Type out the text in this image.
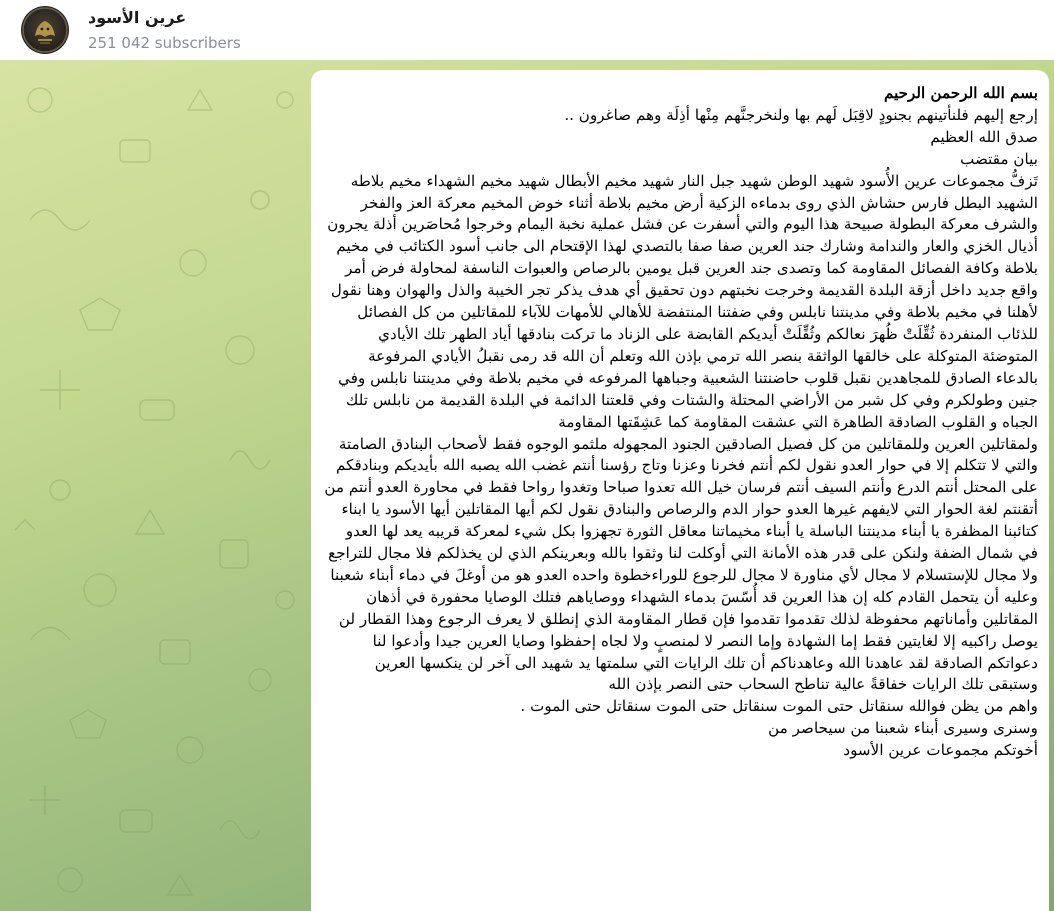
عرين الأسود
251 042 subscribers

بسم الله الرحمن الرحيم

إرجع إليهم فلنأتينهم بجنودٍ لاقِبَل لَهم بها ولنخرجنَّهم مِنْها أذِلَة وهم صاغرون ..

صدق الله العظيم

بيان مقتضب

تَزفُّ مجموعات عرين الأُسود شهيد الوطن شهيد جبل النار شهيد مخيم الأبطال شهيد مخيم الشهداء مخيم بلاطه الشهيد البطل فارس حشاش الذي روى بدماءه الزكية أرض مخيم بلاطة أثناء خوض المخيم معركة العز والفخر والشرف معركة البطولة صبيحة هذا اليوم والتي أسفرت عن فشل عملية نخبة اليمام وخرجوا مُحاصَرين أذلة يجرون أذيال الخزي والعار والندامة وشارك جند العرين صفا صفا بالتصدي لهذا الإقتحام الى جانب أسود الكتائب في مخيم بلاطة وكافة الفصائل المقاومة كما وتصدى جند العرين قبل يومين بالرصاص والعبوات الناسفة لمحاولة فرض أمر واقع جديد داخل أزقة البلدة القديمة وخرجت نخبتهم دون تحقيق أي هدف يذكر تجر الخيبة والذل والهوان وهنا نقول لأهلنا في مخيم بلاطة وفي مدينتنا نابلس وفي ضفتنا المنتفضة للأهالي للأمهات للآباء للمقاتلين من كل الفصائل للذئاب المنفردة ثُقِّلَتْ ظُهرَ نعالكم وثُقِّلَتْ أيديكم القابضة على الزناد ما تركت بنادقها أياد الطهر تلك الأيادي المتوضئة المتوكلة على خالقها الواثقة بنصر الله ترمي بإذن الله وتعلم أن الله قد رمى نقبلُ الأيادي المرفوعة بالدعاء الصادق للمجاهدين نقبل قلوب حاضنتنا الشعبية وجباهها المرفوعه في مخيم بلاطة وفي مدينتنا نابلس وفي جنين وطولكرم وفي كل شبر من الأراضي المحتلة والشتات وفي قلعتنا الدائمة في البلدة القديمة من نابلس تلك الجباه و القلوب الصادقة الطاهرة التي عشقت المقاومة كما عَشِقَتها المقاومة

ولمقاتلين العرين وللمقاتلين من كل فصيل الصادقين الجنود المجهوله ملثمو الوجوه فقط لأصحاب البنادق الصامتة والتي لا تتكلم إلا في حوار العدو نقول لكم أنتم فخرنا وعزنا وتاج رؤسنا أنتم غضب الله يصبه الله بأيديكم وبنادقكم على المحتل أنتم الدرع وأنتم السيف أنتم فرسان خيل الله تعدوا صباحا وتغدوا رواحا فقط في محاورة العدو أنتم من أتقنتم لغة الحوار التي لايفهم غيرها العدو حوار الدم والرصاص والبنادق نقول لكم أيها المقاتلين أيها الأسود يا ابناء كتائبنا المظفرة يا أبناء مدينتنا الباسلة يا أبناء مخيماتنا معاقل الثورة تجهزوا بكل شيء لمعركة قريبه يعد لها العدو في شمال الضفة ولنكن على قدر هذه الأمانة التي أوكلت لنا وثقوا بالله وبعرينكم الذي لن يخذلكم فلا مجال للتراجع ولا مجال للإستسلام لا مجال لأي مناورة لا مجال للرجوع للوراءخطوة واحده العدو هو من أوغلَ في دماء أبناء شعبنا وعليه أن يتحمل القادم كله إن هذا العرين قد أُسّسَ بدماء الشهداء ووصاياهم فتلك الوصايا محفورة في أذهان المقاتلين وأماناتهم محفوظة لذلك تقدموا تقدموا فإن قطار المقاومة الذي إنطلق لا يعرف الرجوع وهذا القطار لن يوصل راكبيه إلا لغايتين فقط إما الشهادة وإما النصر لا لمنصبٍ ولا لجاه إحفظوا وصايا العرين جيدا وأدعوا لنا دعواتكم الصادقة لقد عاهدنا الله وعاهدناكم أن تلك الرايات التي سلمتها يد شهيد الى آخر لن ينكسها العرين وستبقى تلك الرايات خفاقةً عالية تناطح السحاب حتى النصر بإذن الله

واهم من يظن فوالله سنقاتل حتى الموت سنقاتل حتى الموت سنقاتل حتى الموت .

وسنرى وسيرى أبناء شعبنا من سيحاصر من

أخوتكم مجموعات عرين الأسود
